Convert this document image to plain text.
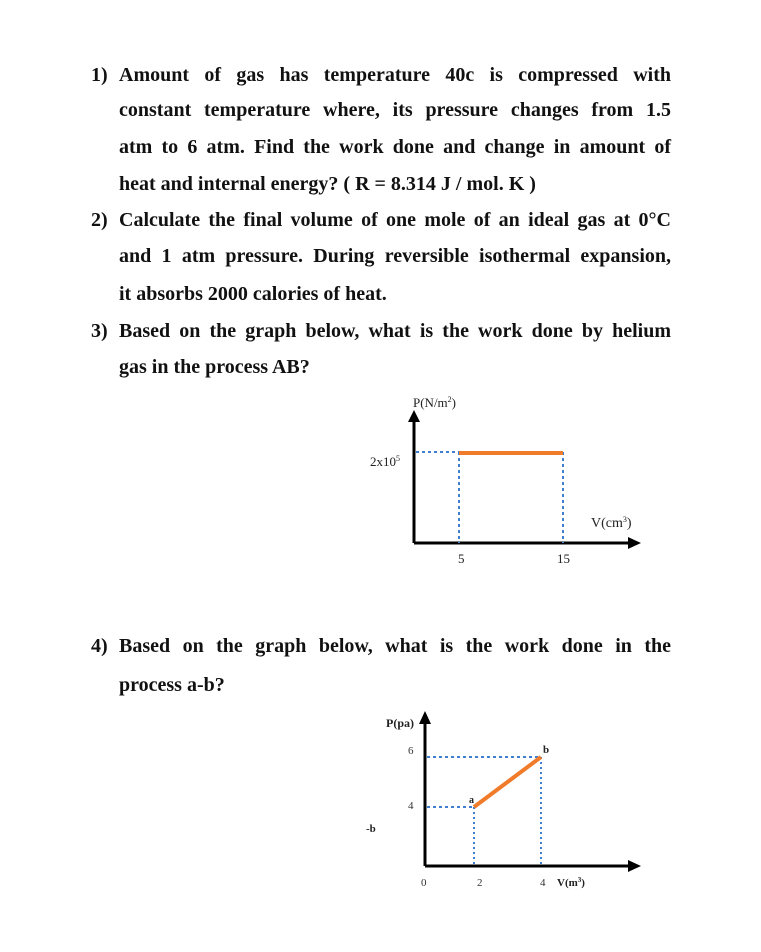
1) Amount of gas has temperature 40c is compressed with
constant temperature where, its pressure changes from 1.5
atm to 6 atm. Find the work done and change in amount of
heat and internal energy? ( R = 8.314 J / mol. K )
2) Calculate the final volume of one mole of an ideal gas at 0°C
and 1 atm pressure. During reversible isothermal expansion,
it absorbs 2000 calories of heat.
3) Based on the graph below, what is the work done by helium
gas in the process AB?
$P(N/m^2)$
$2x10^5$
$V(cm^3)$
5	15
4) Based on the graph below, what is the work done in the
process a-b?
P(pa)
6
4
-b
a
b
0	2	4 $V(m^3)$
